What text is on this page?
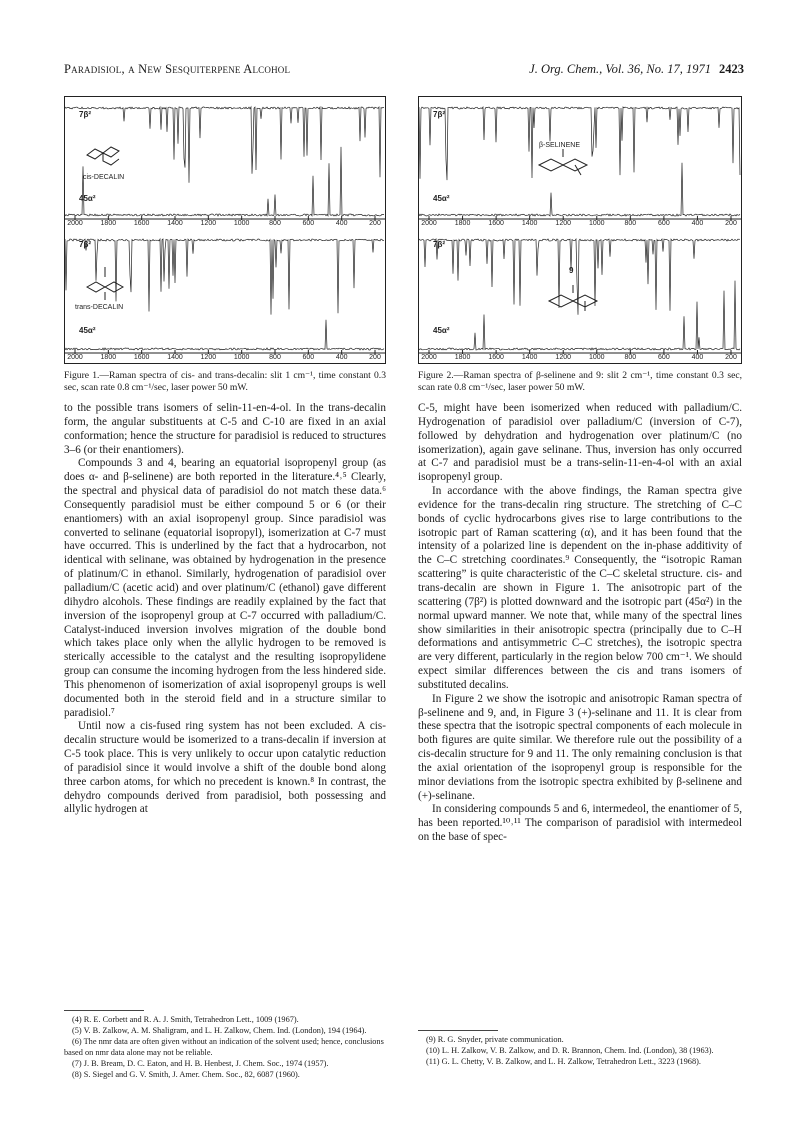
Paradisiol, a New Sesquiterpene Alcohol	J. Org. Chem., Vol. 36, No. 17, 1971 2423
2000	1800	1600	1400	1200	1000	800	600	400	200
2000	1800	1600	1400	1200	1000	800	600	400	200
7β²
cis-DECALIN
45α²
7β²
trans-DECALIN
45α²
Figure 1.—Raman spectra of cis- and trans-decalin: slit 1 cm⁻¹, time constant 0.3 sec, scan rate 0.8 cm⁻¹/sec, laser power 50 mW.
2000	1800	1600	1400	1200	1000	800	600	400	200
2000	1800	1600	1400	1200	1000	800	600	400	200
β-SELINENE
7β²
45α²
9
7β²
45α²
Figure 2.—Raman spectra of β-selinene and 9: slit 2 cm⁻¹, time constant 0.3 sec, scan rate 0.8 cm⁻¹/sec, laser power 50 mW.

to the possible trans isomers of selin-11-en-4-ol. In the trans-decalin form, the angular substituents at C-5 and C-10 are fixed in an axial conformation; hence the structure for paradisiol is reduced to structures 3–6 (or their enantiomers).

Compounds 3 and 4, bearing an equatorial isopropenyl group (as does α- and β-selinene) are both reported in the literature.⁴˒⁵ Clearly, the spectral and physical data of paradisiol do not match these data.⁶ Consequently paradisiol must be either compound 5 or 6 (or their enantiomers) with an axial isopropenyl group. Since paradisiol was converted to selinane (equatorial isopropyl), isomerization at C-7 must have occurred. This is underlined by the fact that a hydrocarbon, not identical with selinane, was obtained by hydrogenation in the presence of platinum/C in ethanol. Similarly, hydrogenation of paradisiol over palladium/C (acetic acid) and over platinum/C (ethanol) gave different dihydro alcohols. These findings are readily explained by the fact that inversion of the isopropenyl group at C-7 occurred with palladium/C. Catalyst-induced inversion involves migration of the double bond which takes place only when the allylic hydrogen to be removed is sterically accessible to the catalyst and the resulting isopropylidene group can consume the incoming hydrogen from the less hindered side. This phenomenon of isomerization of axial isopropenyl groups is well documented both in the steroid field and in a structure similar to paradisiol.⁷

Until now a cis-fused ring system has not been excluded. A cis-decalin structure would be isomerized to a trans-decalin if inversion at C-5 took place. This is very unlikely to occur upon catalytic reduction of paradisiol since it would involve a shift of the double bond along three carbon atoms, for which no precedent is known.⁸ In contrast, the dehydro compounds derived from paradisiol, both possessing and allylic hydrogen at

C-5, might have been isomerized when reduced with palladium/C. Hydrogenation of paradisiol over palladium/C (inversion of C-7), followed by dehydration and hydrogenation over platinum/C (no isomerization), again gave selinane. Thus, inversion has only occurred at C-7 and paradisiol must be a trans-selin-11-en-4-ol with an axial isopropenyl group.

In accordance with the above findings, the Raman spectra give evidence for the trans-decalin ring structure. The stretching of C–C bonds of cyclic hydrocarbons gives rise to large contributions to the isotropic part of Raman scattering (α), and it has been found that the intensity of a polarized line is dependent on the in-phase additivity of the C–C stretching coordinates.⁹ Consequently, the “isotropic Raman scattering” is quite characteristic of the C–C skeletal structure. cis- and trans-decalin are shown in Figure 1. The anisotropic part of the scattering (7β²) is plotted downward and the isotropic part (45α²) in the normal upward manner. We note that, while many of the spectral lines show similarities in their anisotropic spectra (principally due to C–H deformations and antisymmetric C–C stretches), the isotropic spectra are very different, particularly in the region below 700 cm⁻¹. We should expect similar differences between the cis and trans isomers of substituted decalins.

In Figure 2 we show the isotropic and anisotropic Raman spectra of β-selinene and 9, and, in Figure 3 (+)-selinane and 11. It is clear from these spectra that the isotropic spectral components of each molecule in both figures are quite similar. We therefore rule out the possibility of a cis-decalin structure for 9 and 11. The only remaining conclusion is that the axial orientation of the isopropenyl group is responsible for the minor deviations from the isotropic spectra exhibited by β-selinene and (+)-selinane.

In considering compounds 5 and 6, intermedeol, the enantiomer of 5, has been reported.¹⁰˒¹¹ The comparison of paradisiol with intermedeol on the base of spec-

(4) R. E. Corbett and R. A. J. Smith, Tetrahedron Lett., 1009 (1967).
(5) V. B. Zalkow, A. M. Shaligram, and L. H. Zalkow, Chem. Ind. (London), 194 (1964).
(6) The nmr data are often given without an indication of the solvent used; hence, conclusions based on nmr data alone may not be reliable.
(7) J. B. Bream, D. C. Eaton, and H. B. Henbest, J. Chem. Soc., 1974 (1957).
(8) S. Siegel and G. V. Smith, J. Amer. Chem. Soc., 82, 6087 (1960).
(9) R. G. Snyder, private communication.
(10) L. H. Zalkow, V. B. Zalkow, and D. R. Brannon, Chem. Ind. (London), 38 (1963).
(11) G. L. Chetty, V. B. Zalkow, and L. H. Zalkow, Tetrahedron Lett., 3223 (1968).
